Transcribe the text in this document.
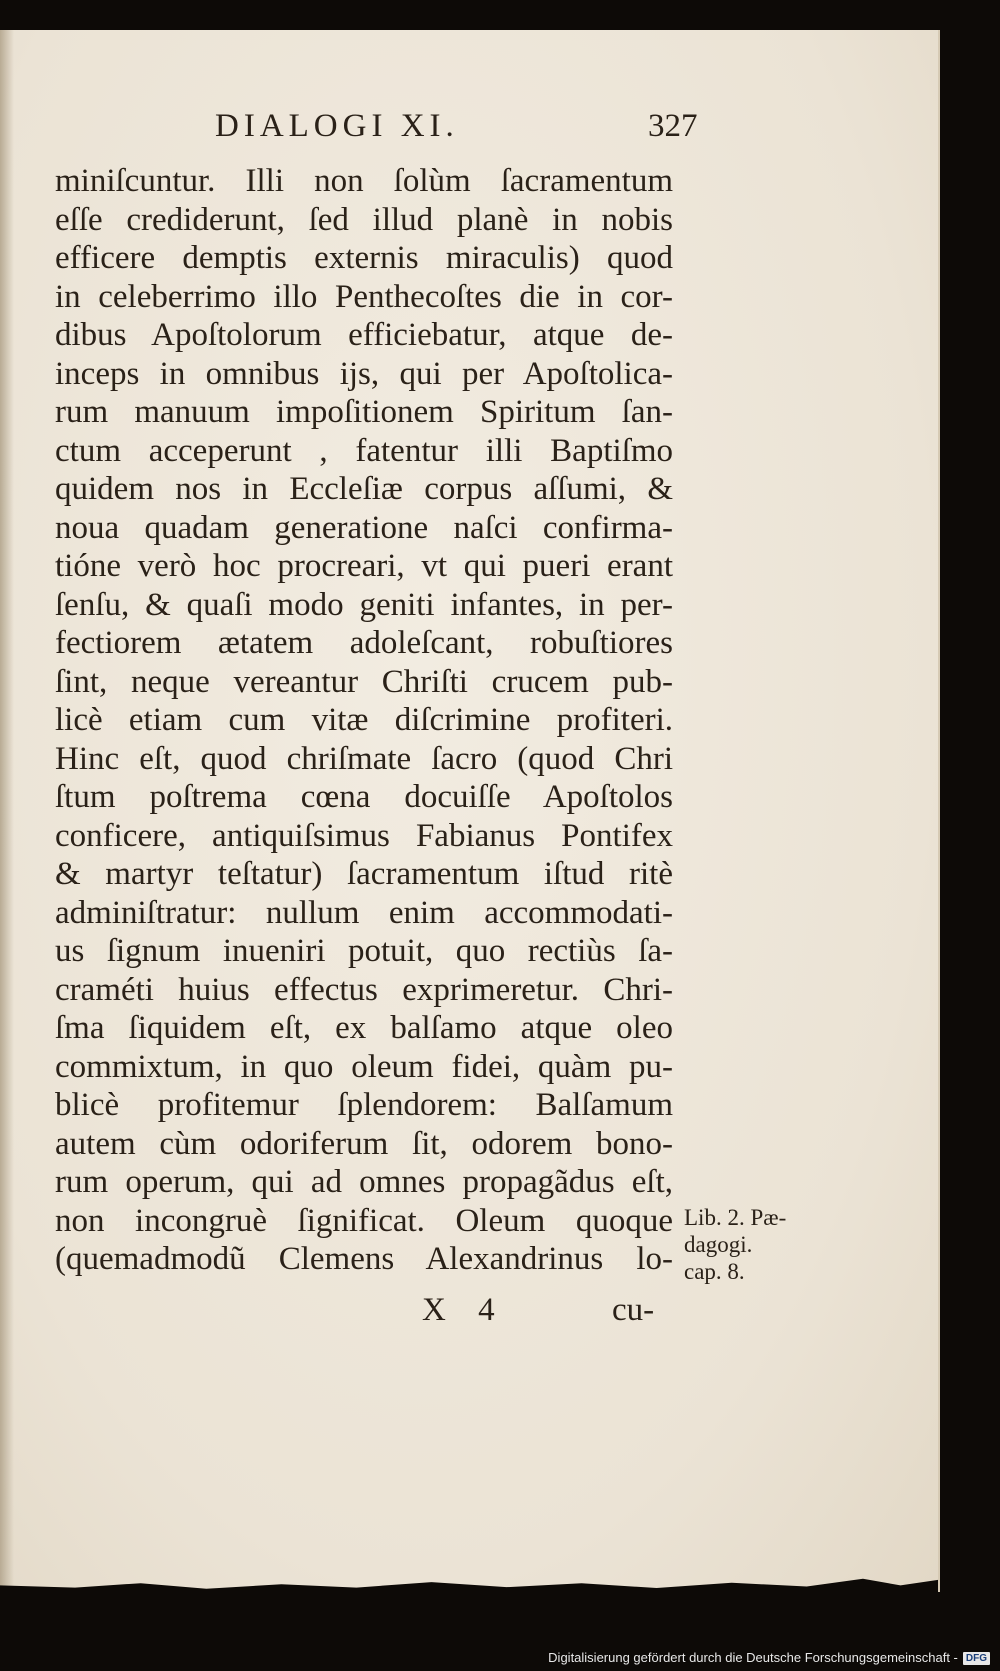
DIALOGI XI.	327
miniſcuntur. Illi non ſolùm ſacramentum
eſſe crediderunt, ſed illud planè in nobis
efficere demptis externis miraculis) quod
in celeberrimo illo Penthecoſtes die in cor-
dibus Apoſtolorum efficiebatur, atque de-
inceps in omnibus ijs, qui per Apoſtolica-
rum manuum impoſitionem Spiritum ſan-
ctum acceperunt , fatentur illi Baptiſmo
quidem nos in Eccleſiæ corpus aſſumi, &
noua quadam generatione naſci confirma-
tióne verò hoc procreari, vt qui pueri erant
ſenſu, & quaſi modo geniti infantes, in per-
fectiorem ætatem adoleſcant, robuſtiores
ſint, neque vereantur Chriſti crucem pub-
licè etiam cum vitæ diſcrimine profiteri.
Hinc eſt, quod chriſmate ſacro (quod Chri
ſtum poſtrema cœna docuiſſe Apoſtolos
conficere, antiquiſsimus Fabianus Pontifex
& martyr teſtatur) ſacramentum iſtud ritè
adminiſtratur: nullum enim accommodati-
us ſignum inueniri potuit, quo rectiùs ſa-
craméti huius effectus exprimeretur. Chri-
ſma ſiquidem eſt, ex balſamo atque oleo
commixtum, in quo oleum fidei, quàm pu-
blicè profitemur ſplendorem: Balſamum
autem cùm odoriferum ſit, odorem bono-
rum operum, qui ad omnes propagãdus eſt,
non incongruè ſignificat. Oleum quoque
(quemadmodũ Clemens Alexandrinus lo-
Lib. 2. Pæ-
dagogi.
cap. 8.
X 4	cu-
Digitalisierung gefördert durch die Deutsche Forschungsgemeinschaft - DFG
